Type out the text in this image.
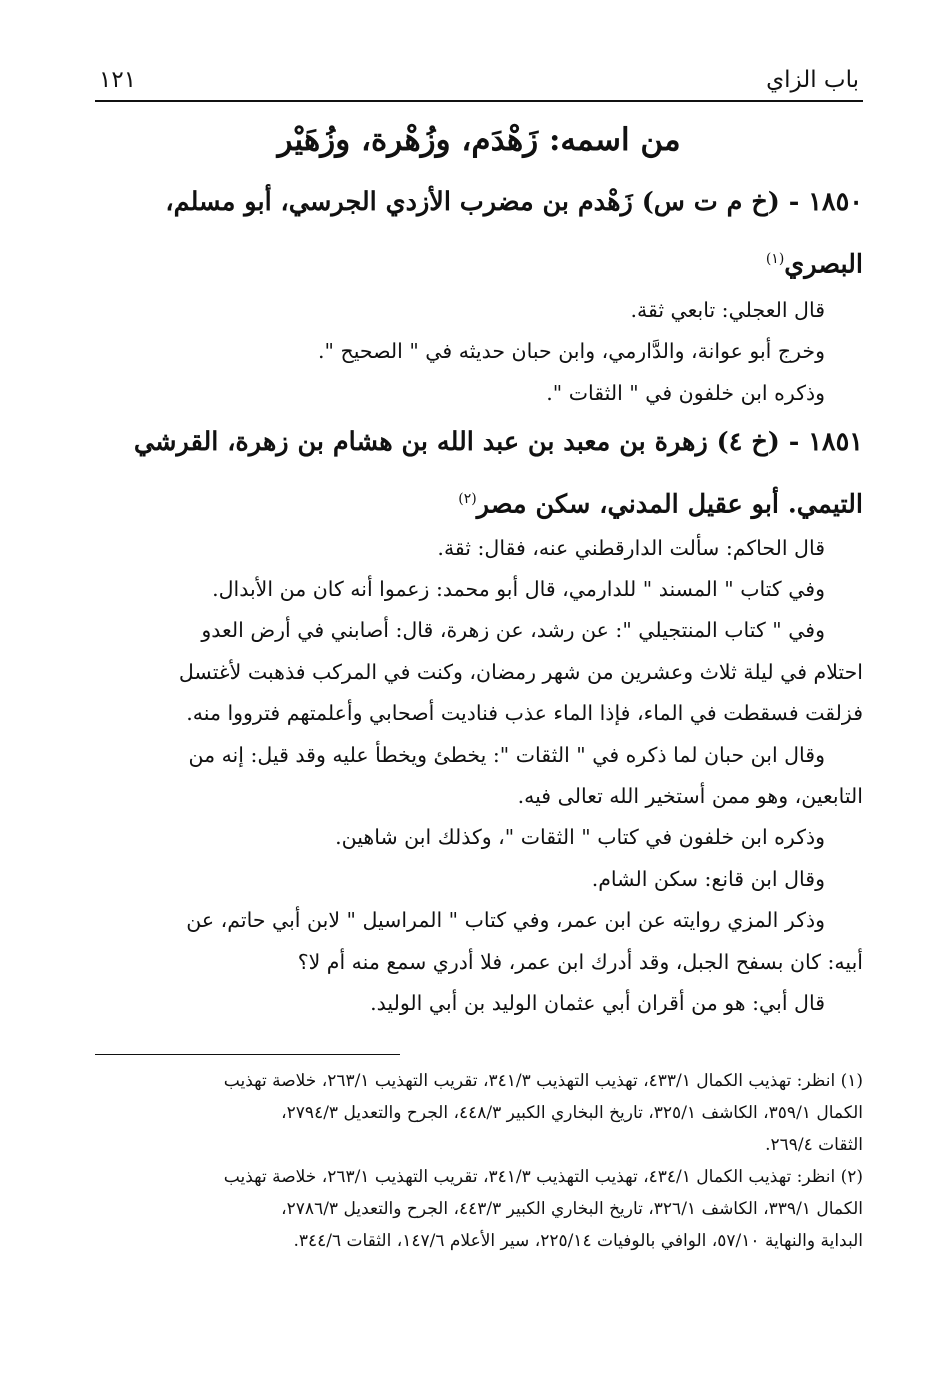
باب الزاي
١٢١
من اسمه: زَهْدَم، وزُهْرة، وزُهَيْر

١٨٥٠ - (خ م ت س) زَهْدم بن مضرب الأزدي الجرسي، أبو مسلم،

البصري$^{(١)}$

قال العجلي: تابعي ثقة.

وخرج أبو عوانة، والدَّارمي، وابن حبان حديثه في " الصحيح ".

وذكره ابن خلفون في " الثقات ".

١٨٥١ - (خ ٤) زهرة بن معبد بن عبد الله بن هشام بن زهرة، القرشي

التيمي. أبو عقيل المدني، سكن مصر$^{(٢)}$

قال الحاكم: سألت الدارقطني عنه، فقال: ثقة.

وفي كتاب " المسند " للدارمي، قال أبو محمد: زعموا أنه كان من الأبدال.

وفي " كتاب المنتجيلي ": عن رشد، عن زهرة، قال: أصابني في أرض العدو

احتلام في ليلة ثلاث وعشرين من شهر رمضان، وكنت في المركب فذهبت لأغتسل

فزلقت فسقطت في الماء، فإذا الماء عذب فناديت أصحابي وأعلمتهم فترووا منه.

وقال ابن حبان لما ذكره في " الثقات ": يخطئ ويخطأ عليه وقد قيل: إنه من

التابعين، وهو ممن أستخير الله تعالى فيه.

وذكره ابن خلفون في كتاب " الثقات "، وكذلك ابن شاهين.

وقال ابن قانع: سكن الشام.

وذكر المزي روايته عن ابن عمر، وفي كتاب " المراسيل " لابن أبي حاتم، عن

أبيه: كان بسفح الجبل، وقد أدرك ابن عمر، فلا أدري سمع منه أم لا؟

قال أبي: هو من أقران أبي عثمان الوليد بن أبي الوليد.

(١) انظر: تهذيب الكمال ٤٣٣/١، تهذيب التهذيب ٣٤١/٣، تقريب التهذيب ٢٦٣/١، خلاصة تهذيب

الكمال ٣٥٩/١، الكاشف ٣٢٥/١، تاريخ البخاري الكبير ٤٤٨/٣، الجرح والتعديل ٢٧٩٤/٣،

الثقات ٢٦٩/٤.

(٢) انظر: تهذيب الكمال ٤٣٤/١، تهذيب التهذيب ٣٤١/٣، تقريب التهذيب ٢٦٣/١، خلاصة تهذيب

الكمال ٣٣٩/١، الكاشف ٣٢٦/١، تاريخ البخاري الكبير ٤٤٣/٣، الجرح والتعديل ٢٧٨٦/٣،

البداية والنهاية ٥٧/١٠، الوافي بالوفيات ٢٢٥/١٤، سير الأعلام ١٤٧/٦، الثقات ٣٤٤/٦.
